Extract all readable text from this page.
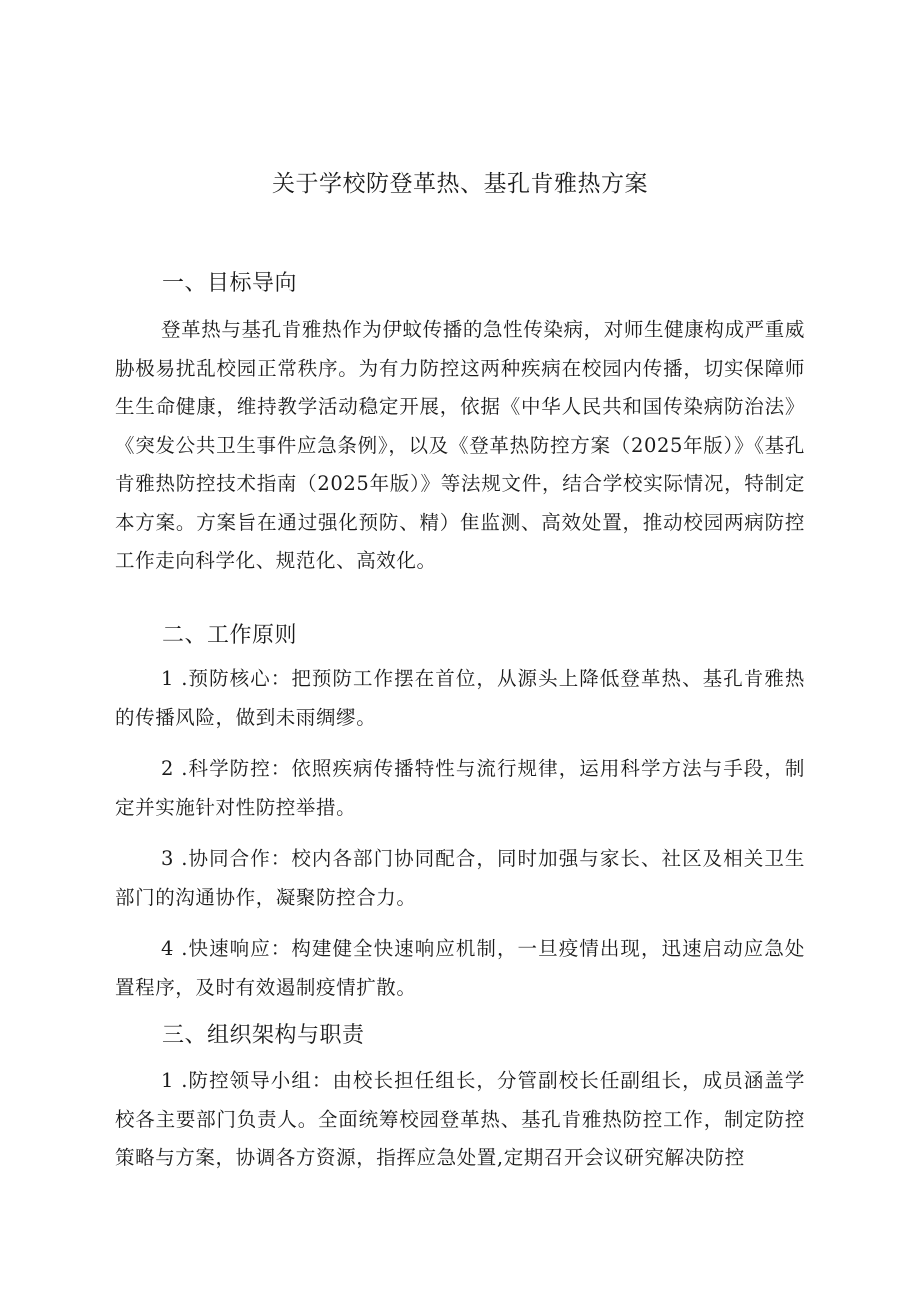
关于学校防登革热、基孔肯雅热方案
一、目标导向

登革热与基孔肯雅热作为伊蚊传播的急性传染病，对师生健康构成严重威胁极易扰乱校园正常秩序。为有力防控这两种疾病在校园内传播，切实保障师生生命健康，维持教学活动稳定开展，依据《中华人民共和国传染病防治法》《突发公共卫生事件应急条例》，以及《登革热防控方案（2025年版）》《基孔肯雅热防控技术指南（2025年版）》等法规文件，结合学校实际情况，特制定本方案。方案旨在通过强化预防、精）隹监测、高效处置，推动校园两病防控工作走向科学化、规范化、高效化。

二、工作原则

1 .预防核心：把预防工作摆在首位，从源头上降低登革热、基孔肯雅热的传播风险，做到未雨绸缪。

2 .科学防控：依照疾病传播特性与流行规律，运用科学方法与手段，制定并实施针对性防控举措。

3 .协同合作：校内各部门协同配合，同时加强与家长、社区及相关卫生部门的沟通协作，凝聚防控合力。

4 .快速响应：构建健全快速响应机制，一旦疫情出现，迅速启动应急处置程序，及时有效遏制疫情扩散。

三、组织架构与职责

1 .防控领导小组：由校长担任组长，分管副校长任副组长，成员涵盖学校各主要部门负责人。全面统筹校园登革热、基孔肯雅热防控工作，制定防控策略与方案，协调各方资源，指挥应急处置,定期召开会议研究解决防控
